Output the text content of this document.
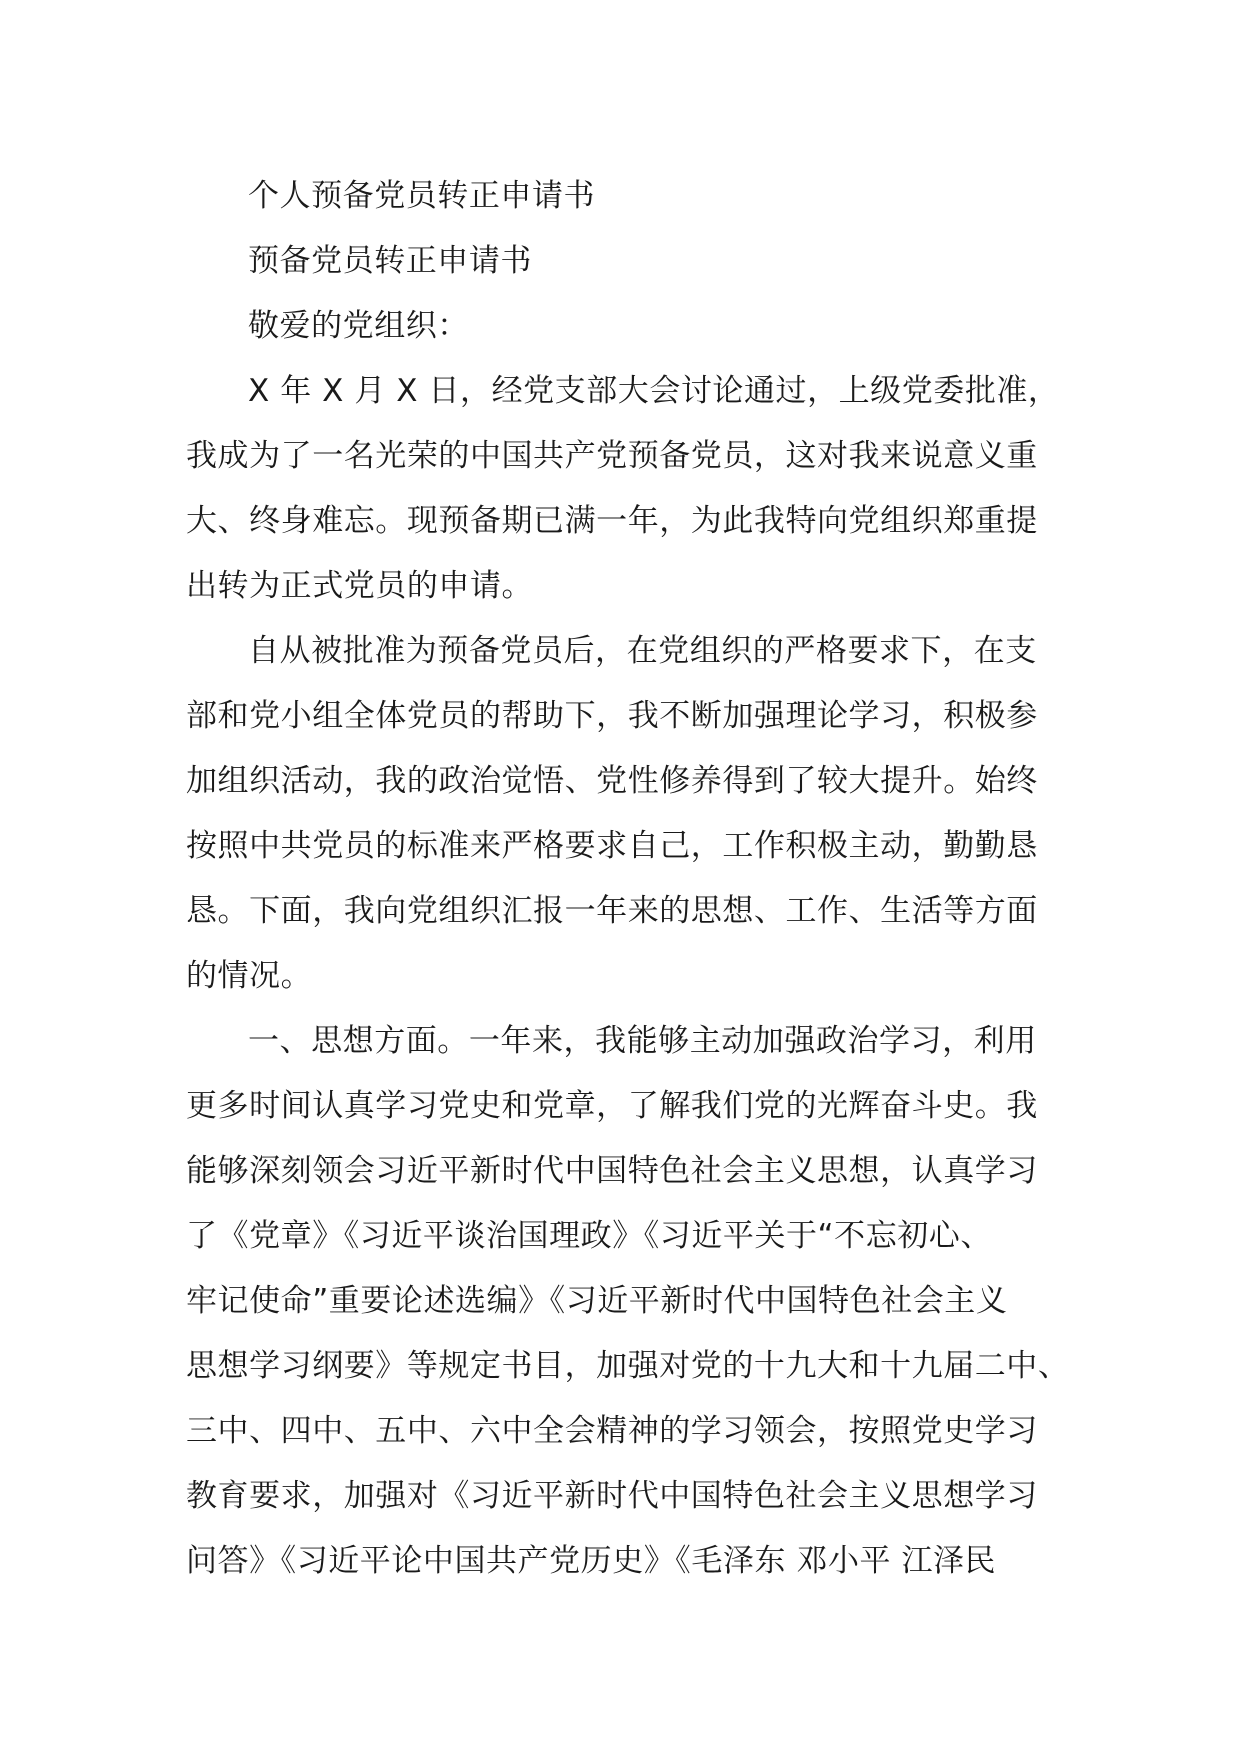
个人预备党员转正申请书

预备党员转正申请书

敬爱的党组织：

X 年 X 月 X 日，经党支部大会讨论通过，上级党委批准，

我成为了一名光荣的中国共产党预备党员，这对我来说意义重

大、终身难忘。现预备期已满一年，为此我特向党组织郑重提

出转为正式党员的申请。

自从被批准为预备党员后，在党组织的严格要求下，在支

部和党小组全体党员的帮助下，我不断加强理论学习，积极参

加组织活动，我的政治觉悟、党性修养得到了较大提升。始终

按照中共党员的标准来严格要求自己，工作积极主动，勤勤恳

恳。下面，我向党组织汇报一年来的思想、工作、生活等方面

的情况。

一、思想方面。一年来，我能够主动加强政治学习，利用

更多时间认真学习党史和党章，了解我们党的光辉奋斗史。我

能够深刻领会习近平新时代中国特色社会主义思想，认真学习

了《党章》《习近平谈治国理政》《习近平关于“不忘初心、

牢记使命”重要论述选编》《习近平新时代中国特色社会主义

思想学习纲要》等规定书目，加强对党的十九大和十九届二中、

三中、四中、五中、六中全会精神的学习领会，按照党史学习

教育要求，加强对《习近平新时代中国特色社会主义思想学习

问答》《习近平论中国共产党历史》《毛泽东 邓小平 江泽民
